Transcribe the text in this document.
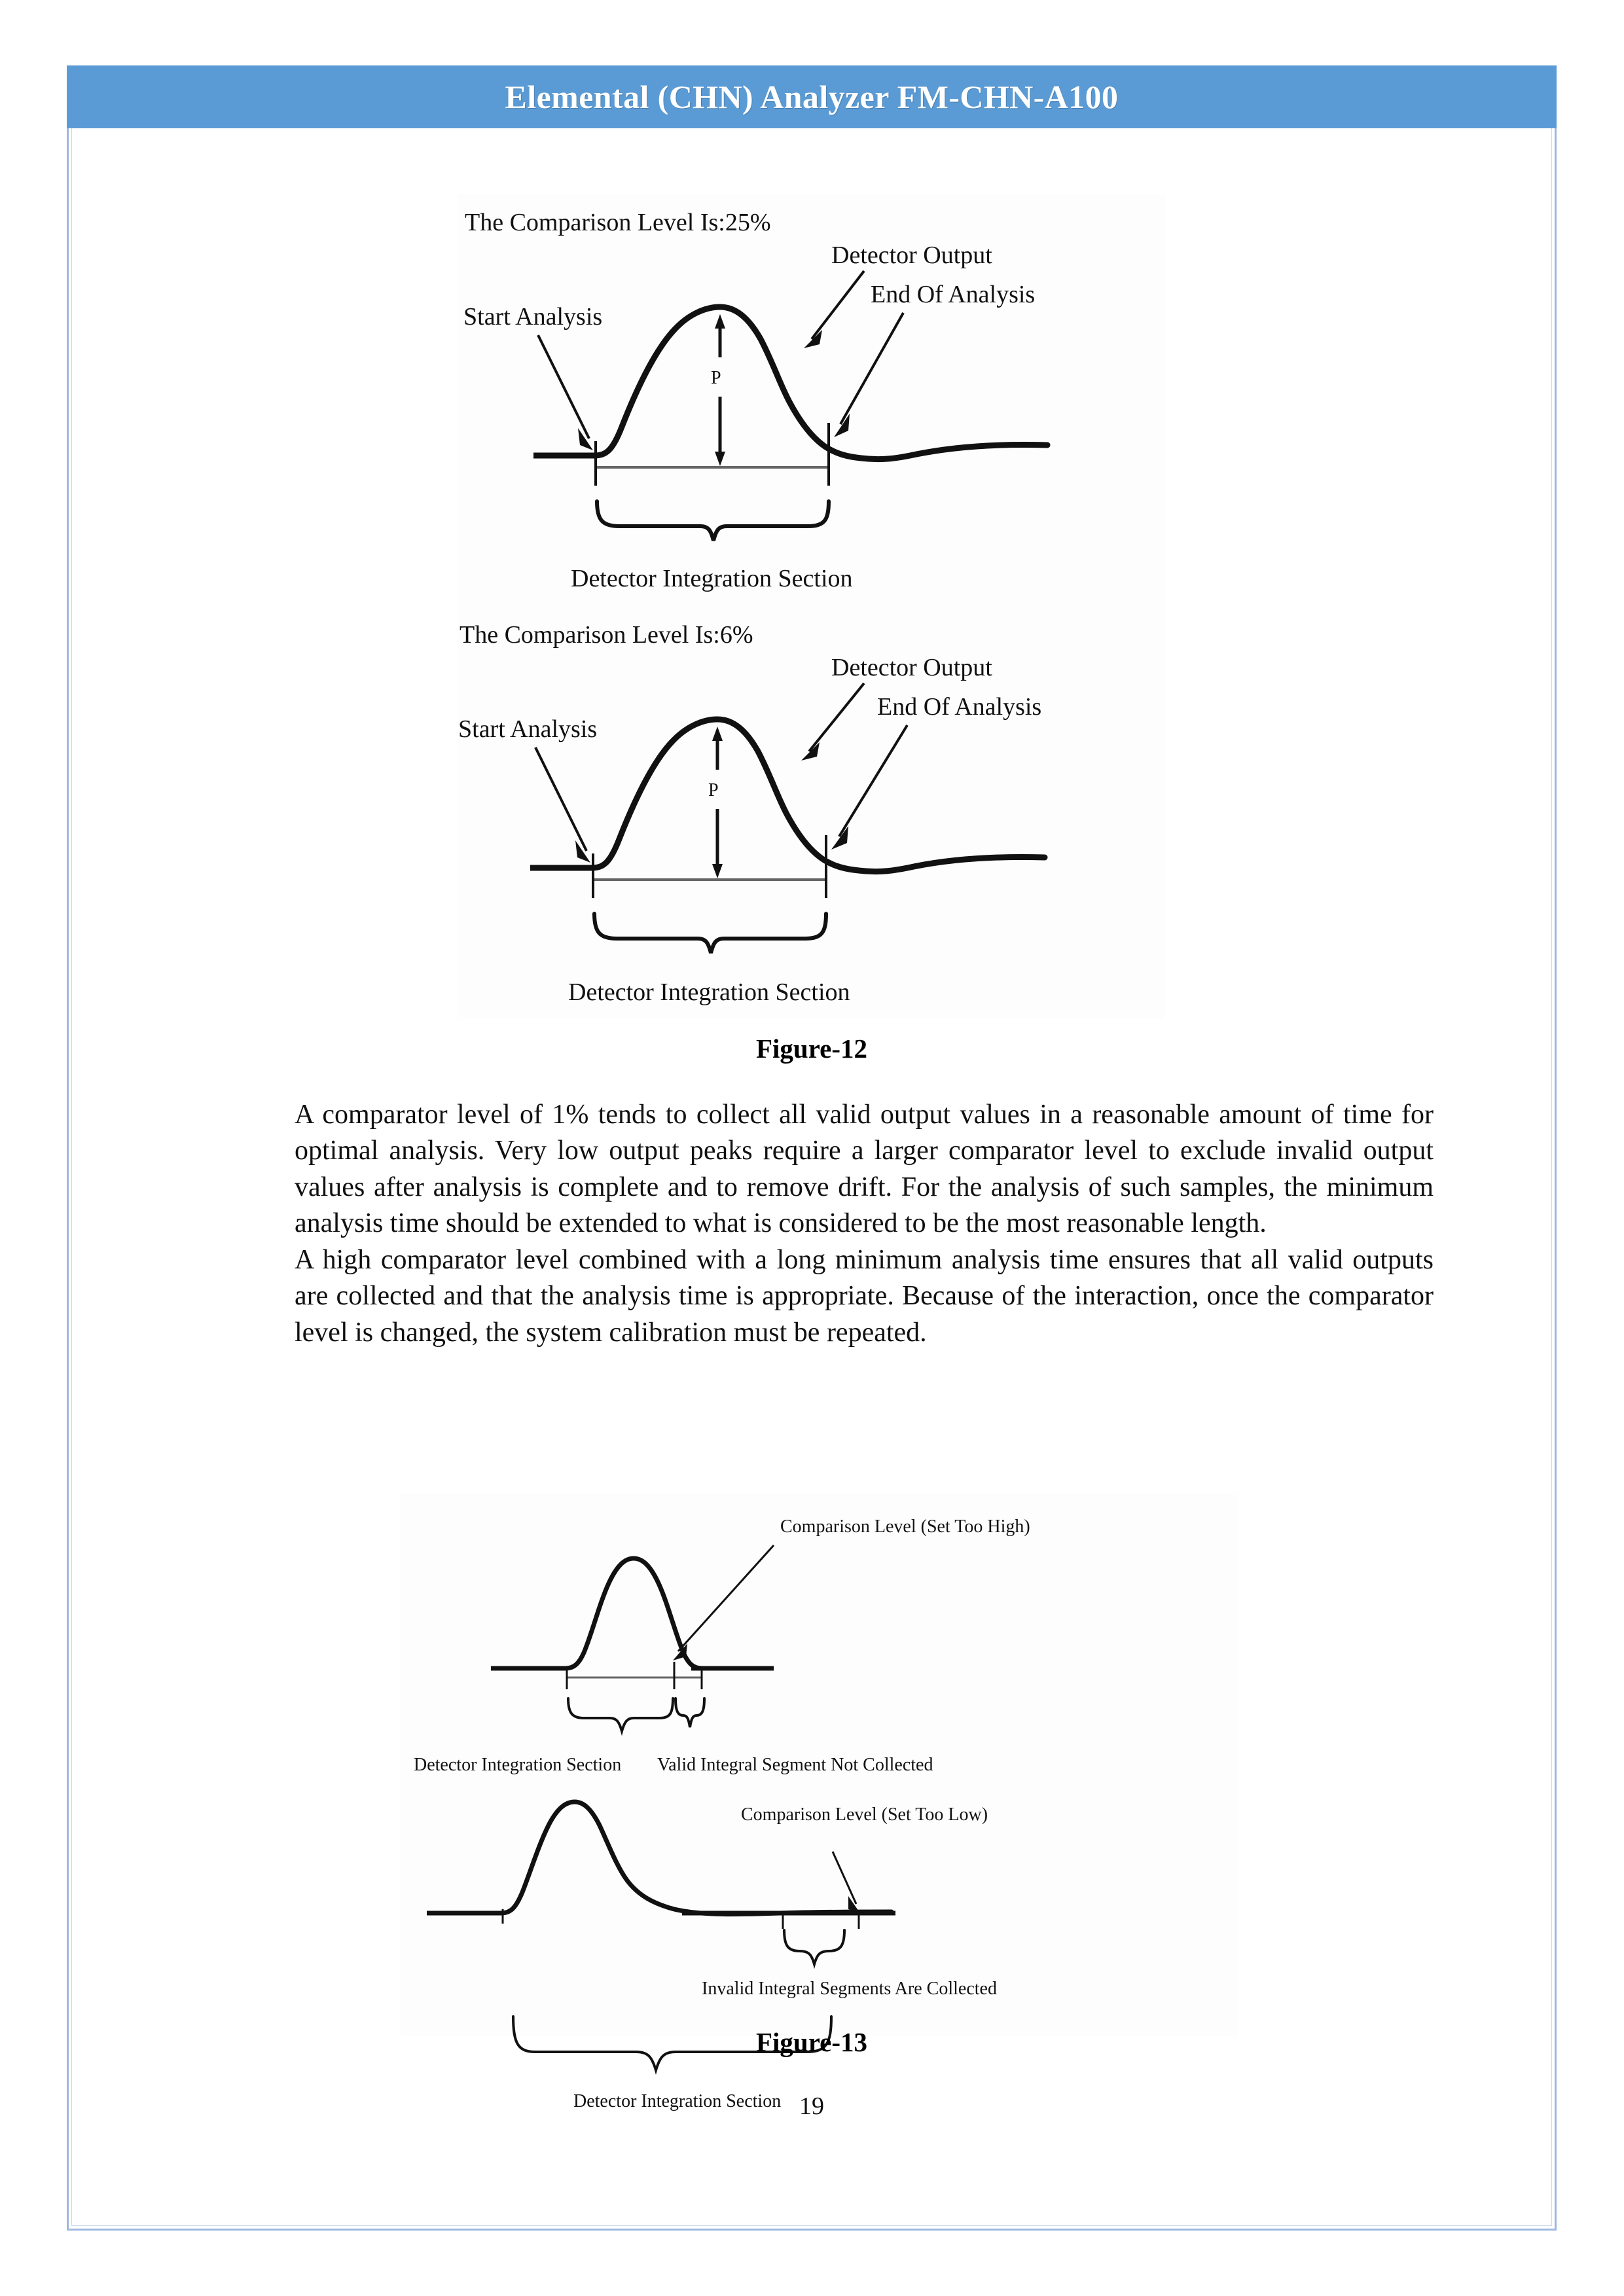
Elemental (CHN) Analyzer FM-CHN-A100
The Comparison Level Is:25%
Detector Output
Start Analysis
End Of Analysis
P
Detector Integration Section
The Comparison Level Is:6%
Detector Output
Start Analysis
End Of Analysis
P
Detector Integration Section
Figure-12

A comparator level of 1% tends to collect all valid output values in a reasonable amount of time for optimal analysis. Very low output peaks require a larger comparator level to exclude invalid output values after analysis is complete and to remove drift. For the analysis of such samples, the minimum analysis time should be extended to what is considered to be the most reasonable length.

A high comparator level combined with a long minimum analysis time ensures that all valid outputs are collected and that the analysis time is appropriate. Because of the interaction, once the comparator level is changed, the system calibration must be repeated.

Comparison Level (Set Too High)
Detector Integration Section Valid Integral Segment Not Collected
Comparison Level (Set Too Low)
Invalid Integral Segments Are Collected
Detector Integration Section
Figure-13
19
